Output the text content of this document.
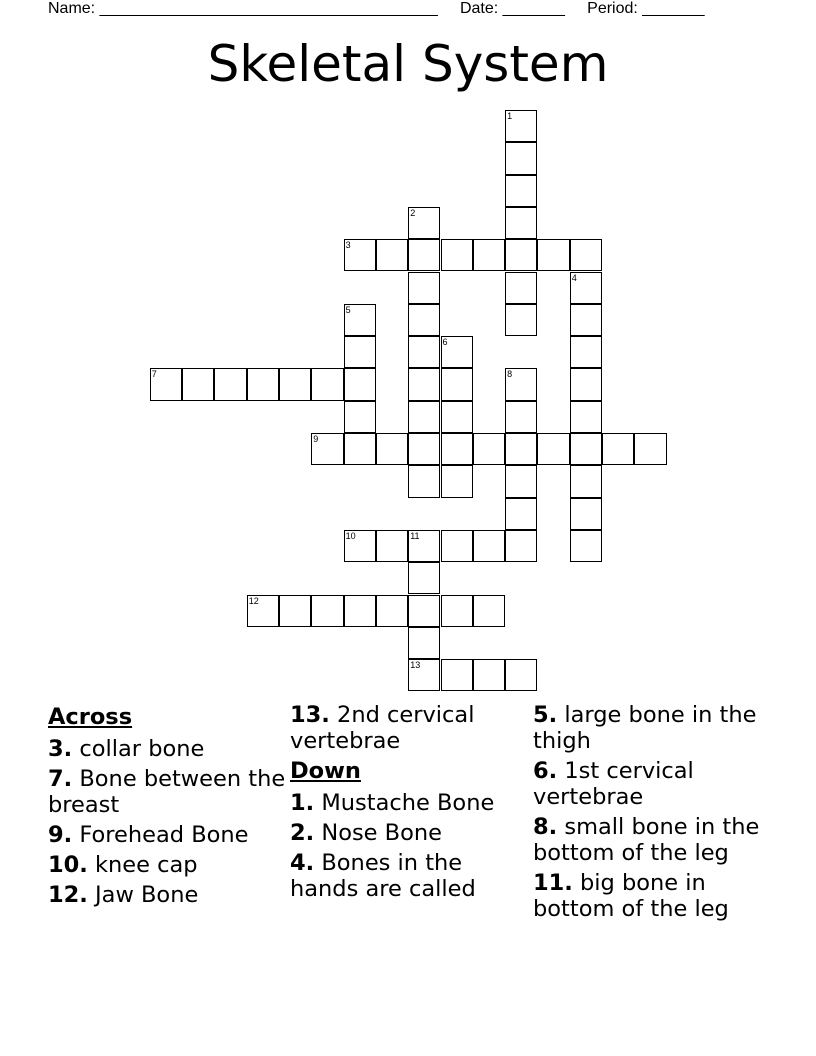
Name: ______________________________________     Date: _______     Period: _______
Skeletal System
1
2
3
4
5
6
7	8
9
10	11
12
13
Across
3. collar bone
7. Bone between the breast
9. Forehead Bone
10. knee cap
12. Jaw Bone
13. 2nd cervical vertebrae
Down
1. Mustache Bone
2. Nose Bone
4. Bones in the hands are called
5. large bone in the thigh
6. 1st cervical vertebrae
8. small bone in the bottom of the leg
11. big bone in bottom of the leg
